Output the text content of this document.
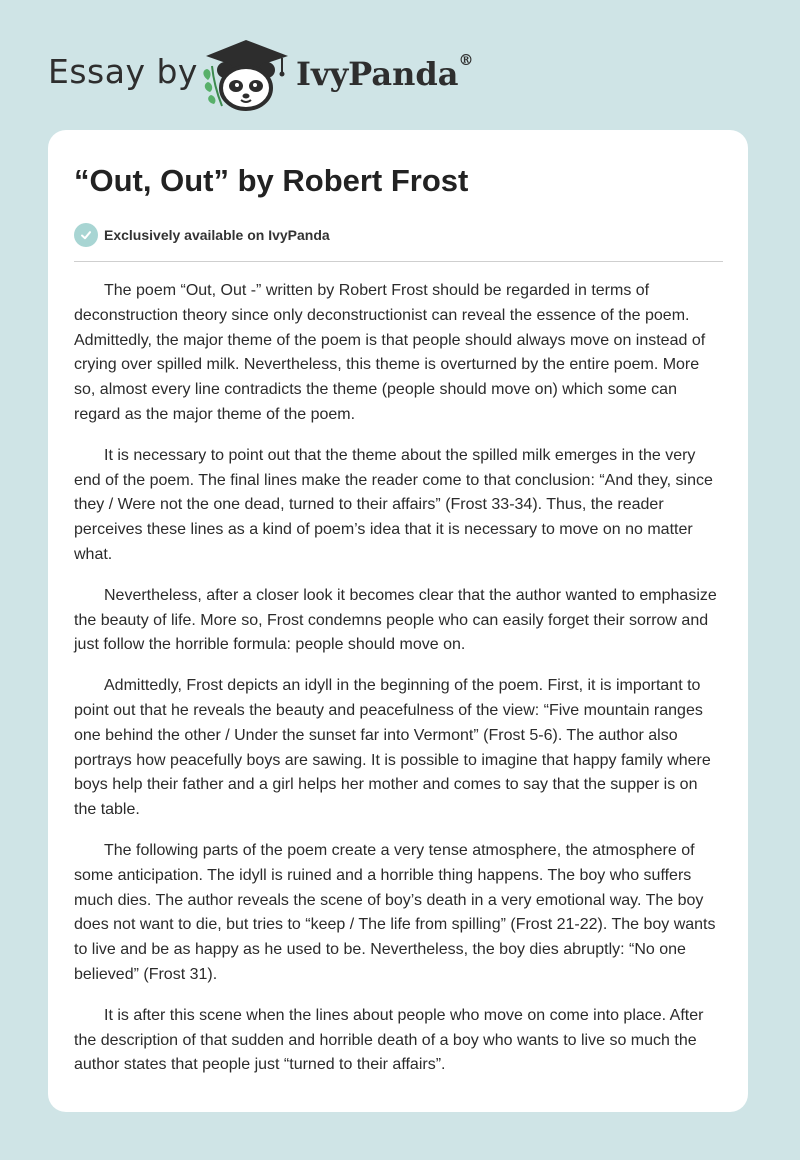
Essay by	IvyPanda®
“Out, Out” by Robert Frost
Exclusively available on IvyPanda

The poem “Out, Out -” written by Robert Frost should be regarded in terms of deconstruction theory since only deconstructionist can reveal the essence of the poem. Admittedly, the major theme of the poem is that people should always move on instead of crying over spilled milk. Nevertheless, this theme is overturned by the entire poem. More so, almost every line contradicts the theme (people should move on) which some can regard as the major theme of the poem.

It is necessary to point out that the theme about the spilled milk emerges in the very end of the poem. The final lines make the reader come to that conclusion: “And they, since they / Were not the one dead, turned to their affairs” (Frost 33-34). Thus, the reader perceives these lines as a kind of poem’s idea that it is necessary to move on no matter what.

Nevertheless, after a closer look it becomes clear that the author wanted to emphasize the beauty of life. More so, Frost condemns people who can easily forget their sorrow and just follow the horrible formula: people should move on.

Admittedly, Frost depicts an idyll in the beginning of the poem. First, it is important to point out that he reveals the beauty and peacefulness of the view: “Five mountain ranges one behind the other / Under the sunset far into Vermont” (Frost 5-6). The author also portrays how peacefully boys are sawing. It is possible to imagine that happy family where boys help their father and a girl helps her mother and comes to say that the supper is on the table.

The following parts of the poem create a very tense atmosphere, the atmosphere of some anticipation. The idyll is ruined and a horrible thing happens. The boy who suffers much dies. The author reveals the scene of boy’s death in a very emotional way. The boy does not want to die, but tries to “keep / The life from spilling” (Frost 21-22). The boy wants to live and be as happy as he used to be. Nevertheless, the boy dies abruptly: “No one believed” (Frost 31).

It is after this scene when the lines about people who move on come into place. After the description of that sudden and horrible death of a boy who wants to live so much the author states that people just “turned to their affairs”.
